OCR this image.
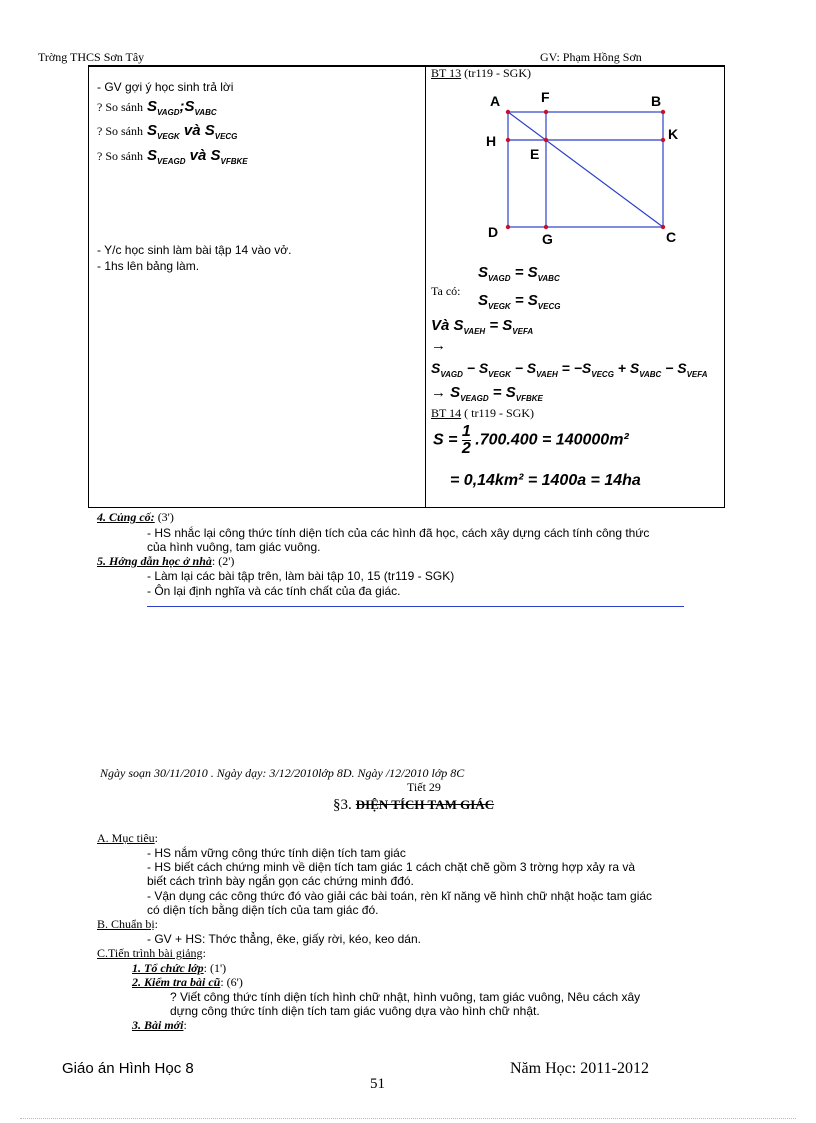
Trờng THCS Sơn Tây	GV: Phạm Hồng Sơn
- GV gợi ý học sinh trả lời
? So sánh $S_{VAGD};S_{VABC}$
? So sánh $S_{VEGK}$ và $S_{VECG}$
? So sánh $S_{VEAGD}$ và $S_{VFBKE}$
- Y/c học sinh làm bài tập 14 vào vở.
- 1hs lên bảng làm.
BT 13 (tr119 - SGK)
A	F	B
H
E
K
D	G	C
$S_{VAGD} = S_{VABC}$
Ta có:
$S_{VEGK} = S_{VECG}$
Và $S_{VAEH} = S_{VEFA}$
→
$S_{VAGD} - S_{VEGK} - S_{VAEH} = -S_{VECG} + S_{VABC} - S_{VEFA}$
→ $S_{VEAGD} = S_{VFBKE}$
BT 14 ( tr119 - SGK)
$S = \frac{1}{2} .700.400 = 140000m^2$
= 0,14km² = 1400a = 14ha
4. Củng cố: (3')
- HS nhắc lại công thức tính diện tích của các hình đã học, cách xây dựng cách tính công thức
của hình vuông, tam giác vuông.
5. Hớng dẫn học ở nhà: (2')
- Làm lại các bài tập trên, làm bài tập 10, 15 (tr119 - SGK)
- Ôn lại định nghĩa và các tính chất của đa giác.
Ngày soạn 30/11/2010 . Ngày dạy: 3/12/2010lớp 8D. Ngày /12/2010 lớp 8C
Tiết 29
§3. DIỆN TÍCH TAM GIÁC
A. Mục tiêu:
- HS nắm vững công thức tính diện tích tam giác
- HS biết cách chứng minh về diện tích tam giác 1 cách chặt chẽ gồm 3 trờng hợp xảy ra và
biết cách trình bày ngắn gọn các chứng minh đđó.
- Vận dụng các công thức đó vào giải các bài toán, rèn kĩ năng vẽ hình chữ nhật hoặc tam giác
có diện tích bằng diện tích của tam giác đó.
B. Chuẩn bị:
- GV + HS: Thớc thẳng, êke, giấy rời, kéo, keo dán.
C.Tiến trình bài giảng:
1. Tổ chức lớp: (1')
2. Kiểm tra bài cũ: (6')
? Viết công thức tính diện tích hình chữ nhật, hình vuông, tam giác vuông, Nêu cách xây
dựng công thức tính diện tích tam giác vuông dựa vào hình chữ nhật.
3. Bài mới:
Giáo án Hình Học 8	Năm Học: 2011-2012
51
